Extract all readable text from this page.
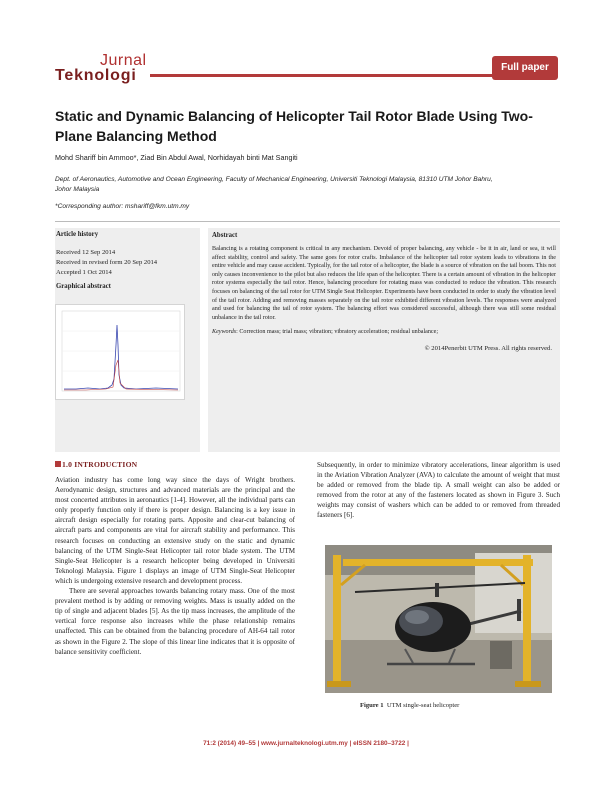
Jurnal
Teknologi	Full paper
Static and Dynamic Balancing of Helicopter Tail Rotor Blade Using Two-Plane Balancing Method
Mohd Shariff bin Ammoo*, Ziad Bin Abdul Awal, Norhidayah binti Mat Sangiti
Dept. of Aeronautics, Automotive and Ocean Engineering, Faculty of Mechanical Engineering, Universiti Teknologi Malaysia, 81310 UTM Johor Bahru, Johor Malaysia
*Corresponding author: mshariff@fkm.utm.my
Article history
Received 12 Sep 2014
Received in revised form 20 Sep 2014
Accepted 1 Oct 2014
Graphical abstract
Abstract
Balancing is a rotating component is critical in any mechanism. Devoid of proper balancing, any vehicle - be it in air, land or sea, it will affect stability, control and safety. The same goes for rotor crafts. Imbalance of the helicopter tail rotor system leads to vibrations in the entire vehicle and may cause accident. Typically, for the tail rotor of a helicopter, the blade is a source of vibration on the tail boom. This not only causes inconvenience to the pilot but also reduces the life span of the helicopter. There is a certain amount of vibration in the helicopter rotor systems especially the tail rotor. Hence, balancing procedure for rotating mass was conducted to reduce the vibration. This research focuses on balancing of the tail rotor for UTM Single Seat Helicopter. Experiments have been conducted in order to study the vibration level of the tail rotor. Adding and removing masses separately on the tail rotor exhibited different vibration levels. The responses were analyzed and used for balancing the tail of rotor system. The balancing effort was considered successful, although there was still some residual unbalance in the tail rotor.
Keywords: Correction mass; trial mass; vibration; vibratory acceleration; residual unbalance;
© 2014Penerbit UTM Press. All rights reserved.
1.0 INTRODUCTION

Aviation industry has come long way since the days of Wright brothers. Aerodynamic design, structures and advanced materials are the principal and the most concerted attributes in aeronautics [1-4]. However, all the individual parts can only properly function only if there is proper design. Balancing is a key issue in aircraft design especially for rotating parts. Apposite and clear-cut balancing of aircraft parts and components are vital for aircraft stability and performance. This research focuses on conducting an extensive study on the static and dynamic balancing of the UTM Single-Seat Helicopter tail rotor blade system. The UTM Single-Seat Helicopter is a research helicopter being developed in Universiti Teknologi Malaysia. Figure 1 displays an image of UTM Single-Seat Helicopter which is undergoing extensive research and development process.

There are several approaches towards balancing rotary mass. One of the most prevalent method is by adding or removing weights. Mass is usually added on the tip of single and adjacent blades [5]. As the tip mass increases, the amplitude of the vertical force response also increases while the phase relationship remains unaffected. This can be obtained from the balancing procedure of AH-64 tail rotor as shown in the Figure 2. The slope of this linear line indicates that it is opposite of balance sensitivity coefficient.

Subsequently, in order to minimize vibratory accelerations, linear algorithm is used in the Aviation Vibration Analyzer (AVA) to calculate the amount of weight that must be added or removed from the blade tip. A small weight can also be added or removed from the rotor at any of the fasteners located as shown in Figure 3. Such weights may consist of washers which can be added to or removed from threaded fasteners [6].

Figure 1 UTM single-seat helicopter
71:2 (2014) 49–55 | www.jurnalteknologi.utm.my | eISSN 2180–3722 |
